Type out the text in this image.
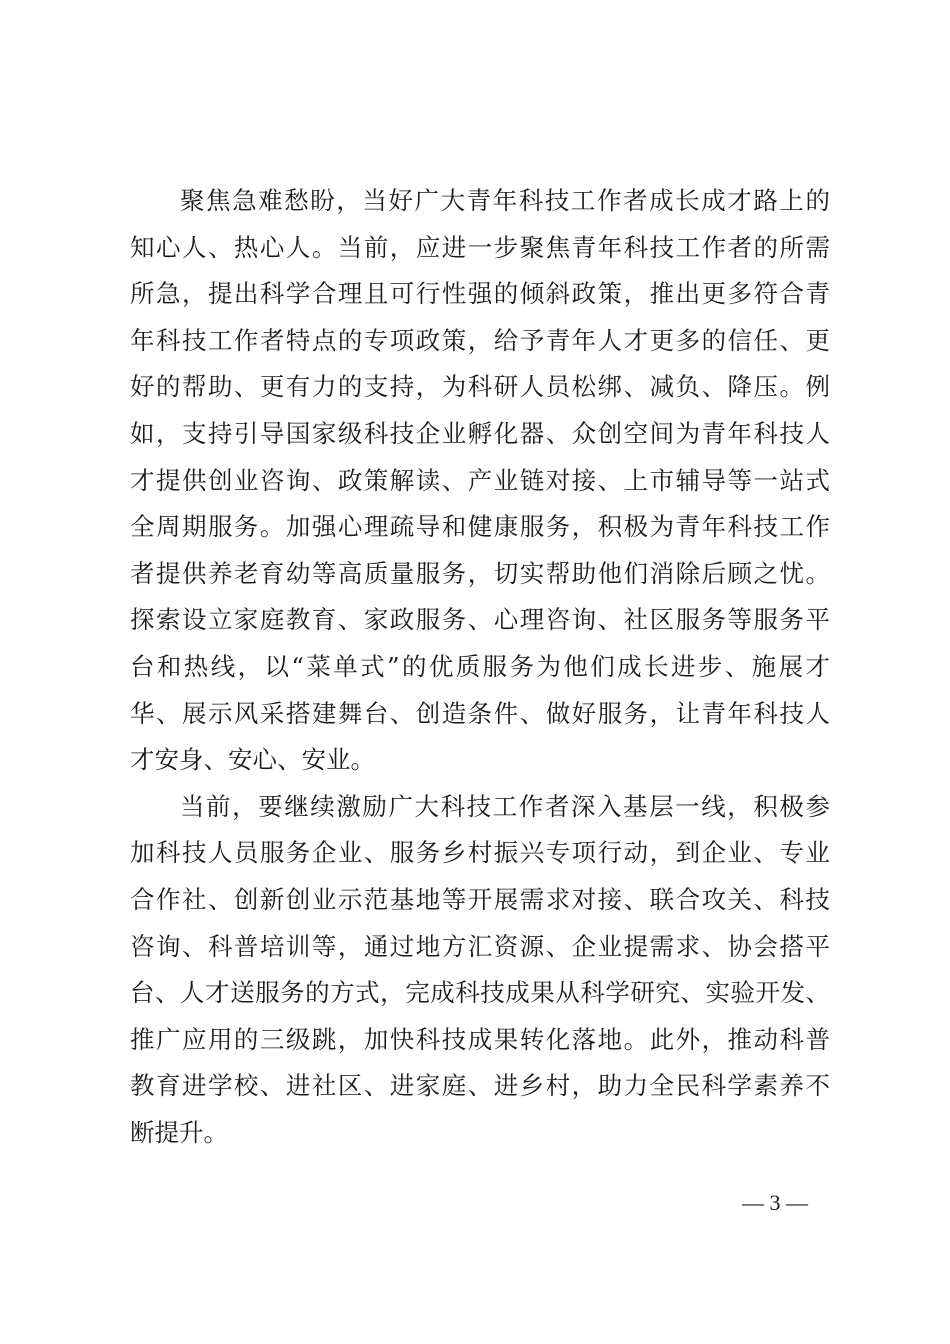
聚焦急难愁盼，当好广大青年科技工作者成长成才路上的
知心人、热心人。当前，应进一步聚焦青年科技工作者的所需
所急，提出科学合理且可行性强的倾斜政策，推出更多符合青
年科技工作者特点的专项政策，给予青年人才更多的信任、更
好的帮助、更有力的支持，为科研人员松绑、减负、降压。例
如，支持引导国家级科技企业孵化器、众创空间为青年科技人
才提供创业咨询、政策解读、产业链对接、上市辅导等一站式
全周期服务。加强心理疏导和健康服务，积极为青年科技工作
者提供养老育幼等高质量服务，切实帮助他们消除后顾之忧。
探索设立家庭教育、家政服务、心理咨询、社区服务等服务平
台和热线，以“菜单式”的优质服务为他们成长进步、施展才
华、展示风采搭建舞台、创造条件、做好服务，让青年科技人
才安身、安心、安业。
当前，要继续激励广大科技工作者深入基层一线，积极参
加科技人员服务企业、服务乡村振兴专项行动，到企业、专业
合作社、创新创业示范基地等开展需求对接、联合攻关、科技
咨询、科普培训等，通过地方汇资源、企业提需求、协会搭平
台、人才送服务的方式，完成科技成果从科学研究、实验开发、
推广应用的三级跳，加快科技成果转化落地。此外，推动科普
教育进学校、进社区、进家庭、进乡村，助力全民科学素养不
断提升。
— 3 —
